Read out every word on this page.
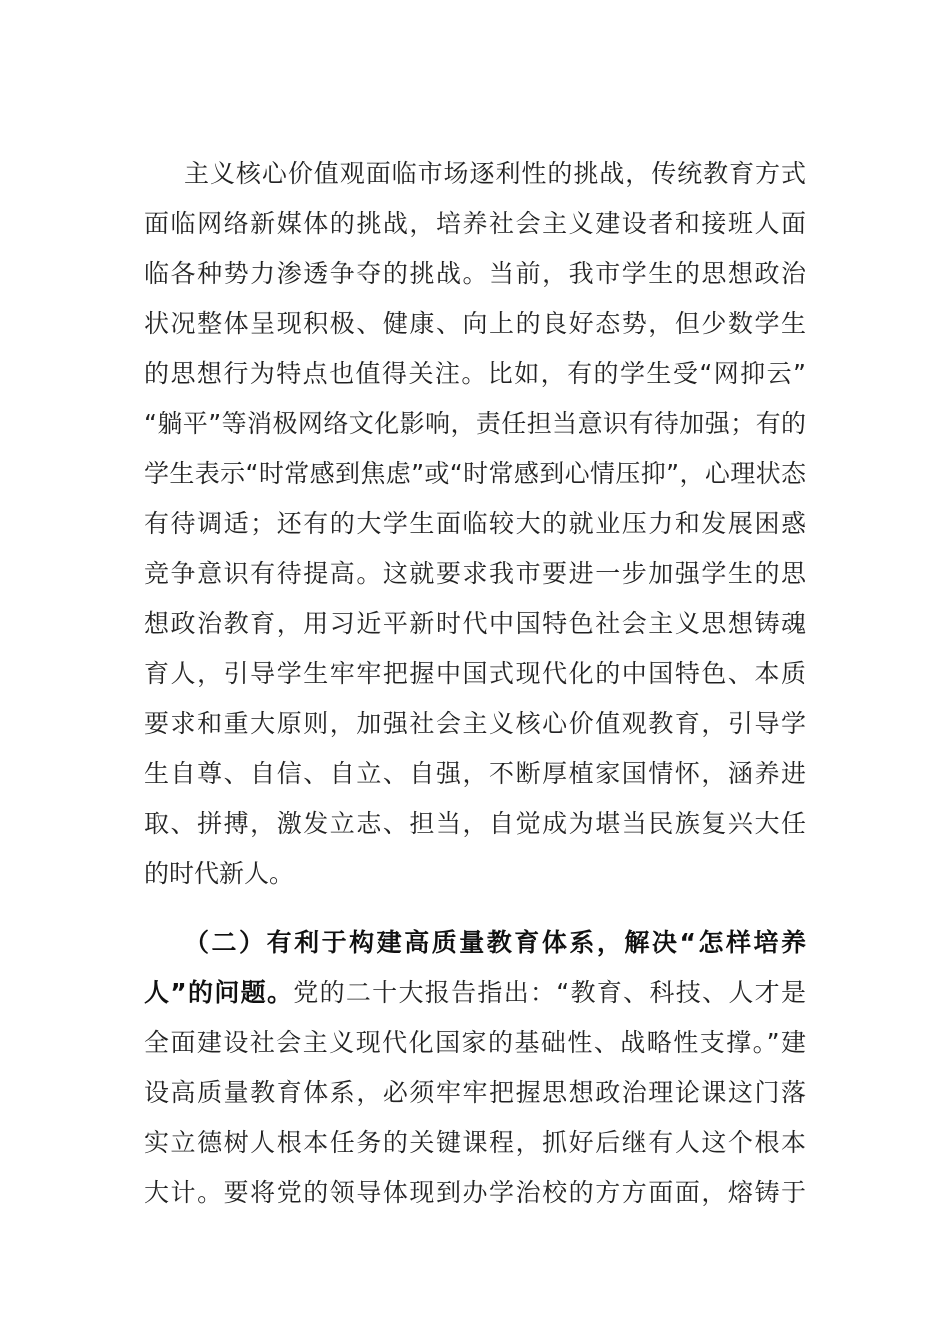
主义核心价值观面临市场逐利性的挑战，传统教育方式
面临网络新媒体的挑战，培养社会主义建设者和接班人面
临各种势力渗透争夺的挑战。当前，我市学生的思想政治
状况整体呈现积极、健康、向上的良好态势，但少数学生
的思想行为特点也值得关注。比如，有的学生受“网抑云”
“躺平”等消极网络文化影响，责任担当意识有待加强；有的
学生表示“时常感到焦虑”或“时常感到心情压抑”，心理状态
有待调适；还有的大学生面临较大的就业压力和发展困惑
竞争意识有待提高。这就要求我市要进一步加强学生的思
想政治教育，用习近平新时代中国特色社会主义思想铸魂
育人，引导学生牢牢把握中国式现代化的中国特色、本质
要求和重大原则，加强社会主义核心价值观教育，引导学
生自尊、自信、自立、自强，不断厚植家国情怀，涵养进
取、拼搏，激发立志、担当，自觉成为堪当民族复兴大任
的时代新人。
（二）有利于构建高质量教育体系，解决“怎样培养
人”的问题。党的二十大报告指出：“教育、科技、人才是
全面建设社会主义现代化国家的基础性、战略性支撑。”建
设高质量教育体系，必须牢牢把握思想政治理论课这门落
实立德树人根本任务的关键课程，抓好后继有人这个根本
大计。要将党的领导体现到办学治校的方方面面，熔铸于
